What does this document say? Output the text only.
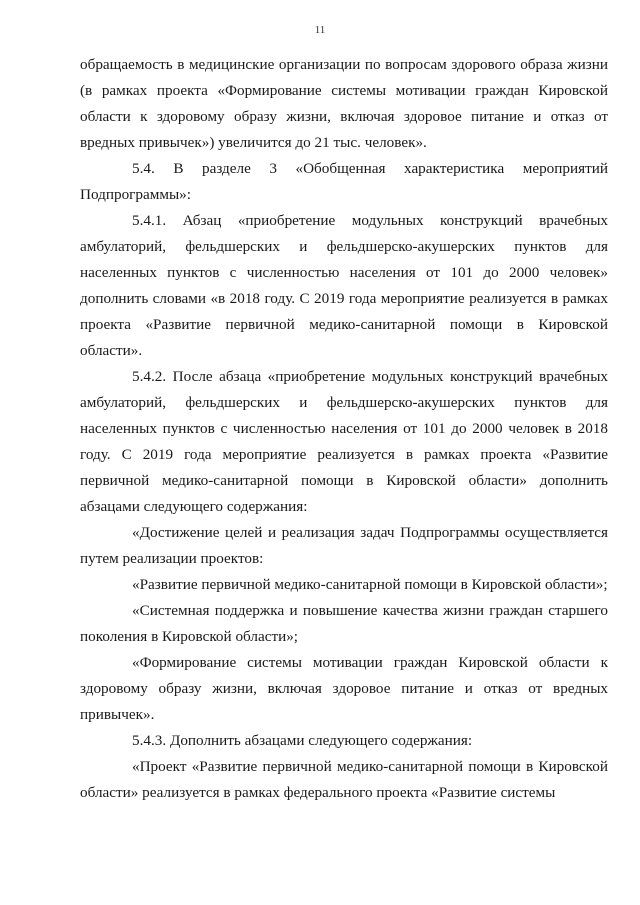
11

обращаемость в медицинские организации по вопросам здорового образа жизни (в рамках проекта «Формирование системы мотивации граждан Кировской области к здоровому образу жизни, включая здоровое питание и отказ от вредных привычек») увеличится до 21 тыс. человек».

5.4. В разделе 3 «Обобщенная характеристика мероприятий Подпрограммы»:

5.4.1. Абзац «приобретение модульных конструкций врачебных амбулаторий, фельдшерских и фельдшерско-акушерских пунктов для населенных пунктов с численностью населения от 101 до 2000 человек» дополнить словами «в 2018 году. С 2019 года мероприятие реализуется в рамках проекта «Развитие первичной медико-санитарной помощи в Кировской области».

5.4.2. После абзаца «приобретение модульных конструкций врачебных амбулаторий, фельдшерских и фельдшерско-акушерских пунктов для населенных пунктов с численностью населения от 101 до 2000 человек в 2018 году. С 2019 года мероприятие реализуется в рамках проекта «Развитие первичной медико-санитарной помощи в Кировской области» дополнить абзацами следующего содержания:

«Достижение целей и реализация задач Подпрограммы осуществляется путем реализации проектов:

«Развитие первичной медико-санитарной помощи в Кировской области»;

«Системная поддержка и повышение качества жизни граждан старшего поколения в Кировской области»;

«Формирование системы мотивации граждан Кировской области к здоровому образу жизни, включая здоровое питание и отказ от вредных привычек».

5.4.3. Дополнить абзацами следующего содержания:

«Проект «Развитие первичной медико-санитарной помощи в Кировской области» реализуется в рамках федерального проекта «Развитие системы
